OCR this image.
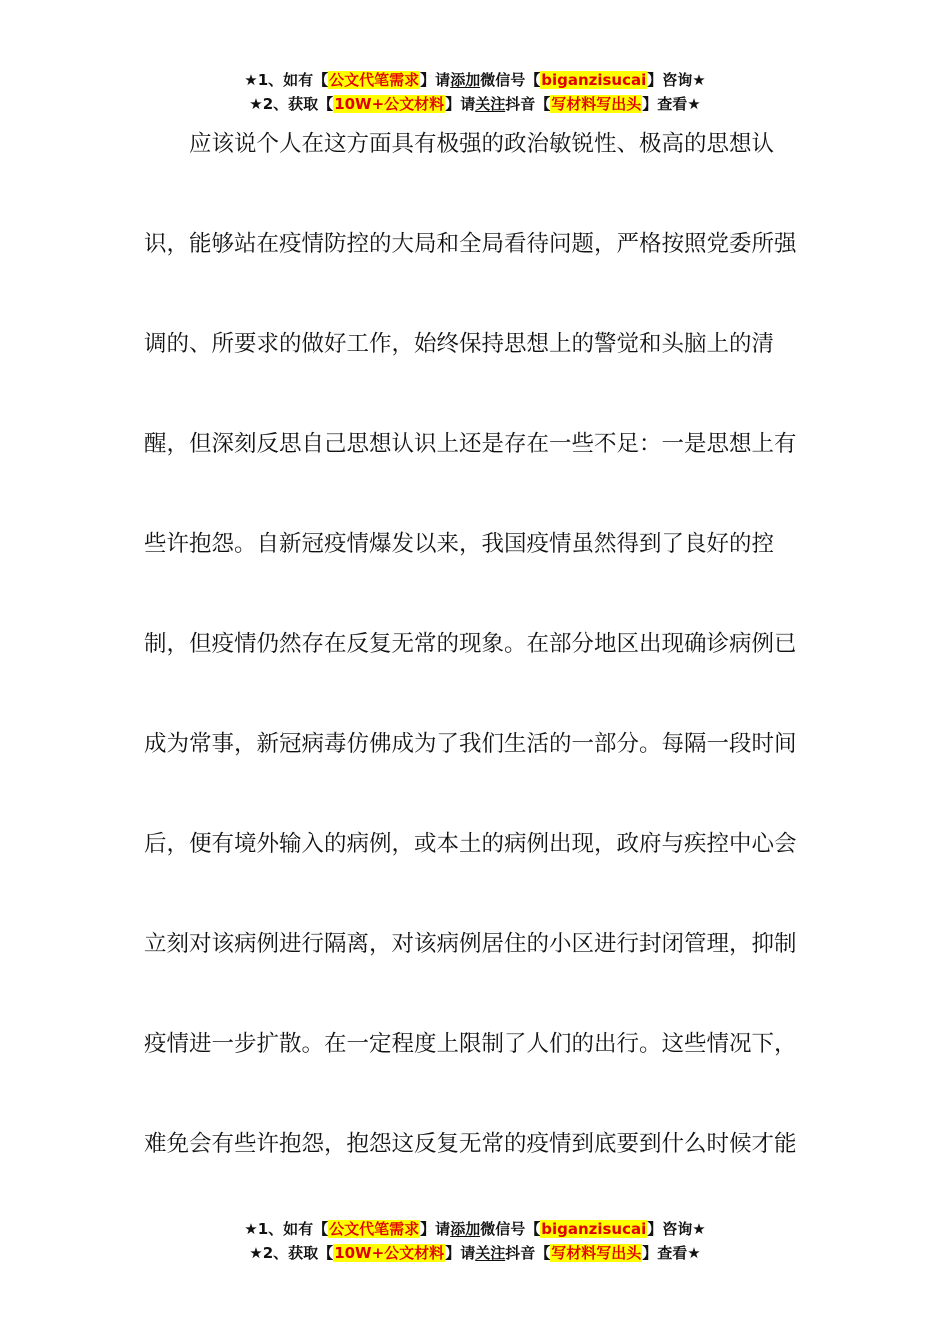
★1、如有【公文代笔需求】请添加微信号【biganzisucai】咨询★
★2、获取【10W+公文材料】请关注抖音【写材料写出头】查看★
应该说个人在这方面具有极强的政治敏锐性、极高的思想认
识，能够站在疫情防控的大局和全局看待问题，严格按照党委所强
调的、所要求的做好工作，始终保持思想上的警觉和头脑上的清
醒，但深刻反思自己思想认识上还是存在一些不足：一是思想上有
些许抱怨。自新冠疫情爆发以来，我国疫情虽然得到了良好的控
制，但疫情仍然存在反复无常的现象。在部分地区出现确诊病例已
成为常事，新冠病毒仿佛成为了我们生活的一部分。每隔一段时间
后，便有境外输入的病例，或本土的病例出现，政府与疾控中心会
立刻对该病例进行隔离，对该病例居住的小区进行封闭管理，抑制
疫情进一步扩散。在一定程度上限制了人们的出行。这些情况下，
难免会有些许抱怨，抱怨这反复无常的疫情到底要到什么时候才能
★1、如有【公文代笔需求】请添加微信号【biganzisucai】咨询★
★2、获取【10W+公文材料】请关注抖音【写材料写出头】查看★
